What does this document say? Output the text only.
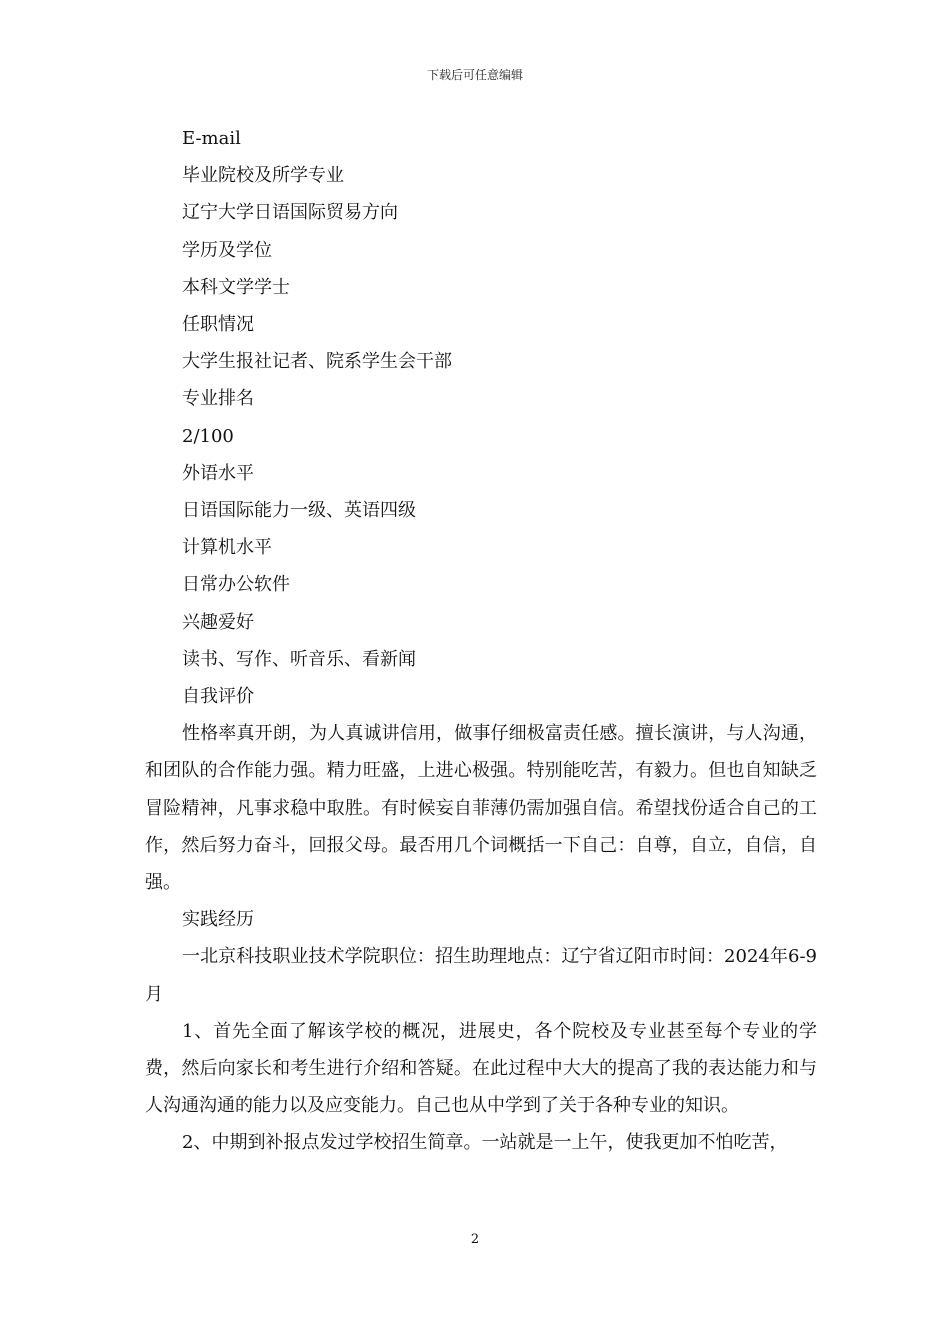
下载后可任意编辑
E-mail
毕业院校及所学专业
辽宁大学日语国际贸易方向
学历及学位
本科文学学士
任职情况
大学生报社记者、院系学生会干部
专业排名
2/100
外语水平
日语国际能力一级、英语四级
计算机水平
日常办公软件
兴趣爱好
读书、写作、听音乐、看新闻
自我评价
性格率真开朗，为人真诚讲信用，做事仔细极富责任感。擅长演讲，与人沟通，和团队的合作能力强。精力旺盛，上进心极强。特别能吃苦，有毅力。但也自知缺乏冒险精神，凡事求稳中取胜。有时候妄自菲薄仍需加强自信。希望找份适合自己的工作，然后努力奋斗，回报父母。最否用几个词概括一下自己：自尊，自立，自信，自强。
实践经历
一北京科技职业技术学院职位：招生助理地点：辽宁省辽阳市时间：2024年6-9月
1、首先全面了解该学校的概况，进展史，各个院校及专业甚至每个专业的学费，然后向家长和考生进行介绍和答疑。在此过程中大大的提高了我的表达能力和与人沟通沟通的能力以及应变能力。自己也从中学到了关于各种专业的知识。
2、中期到补报点发过学校招生简章。一站就是一上午，使我更加不怕吃苦，
2
